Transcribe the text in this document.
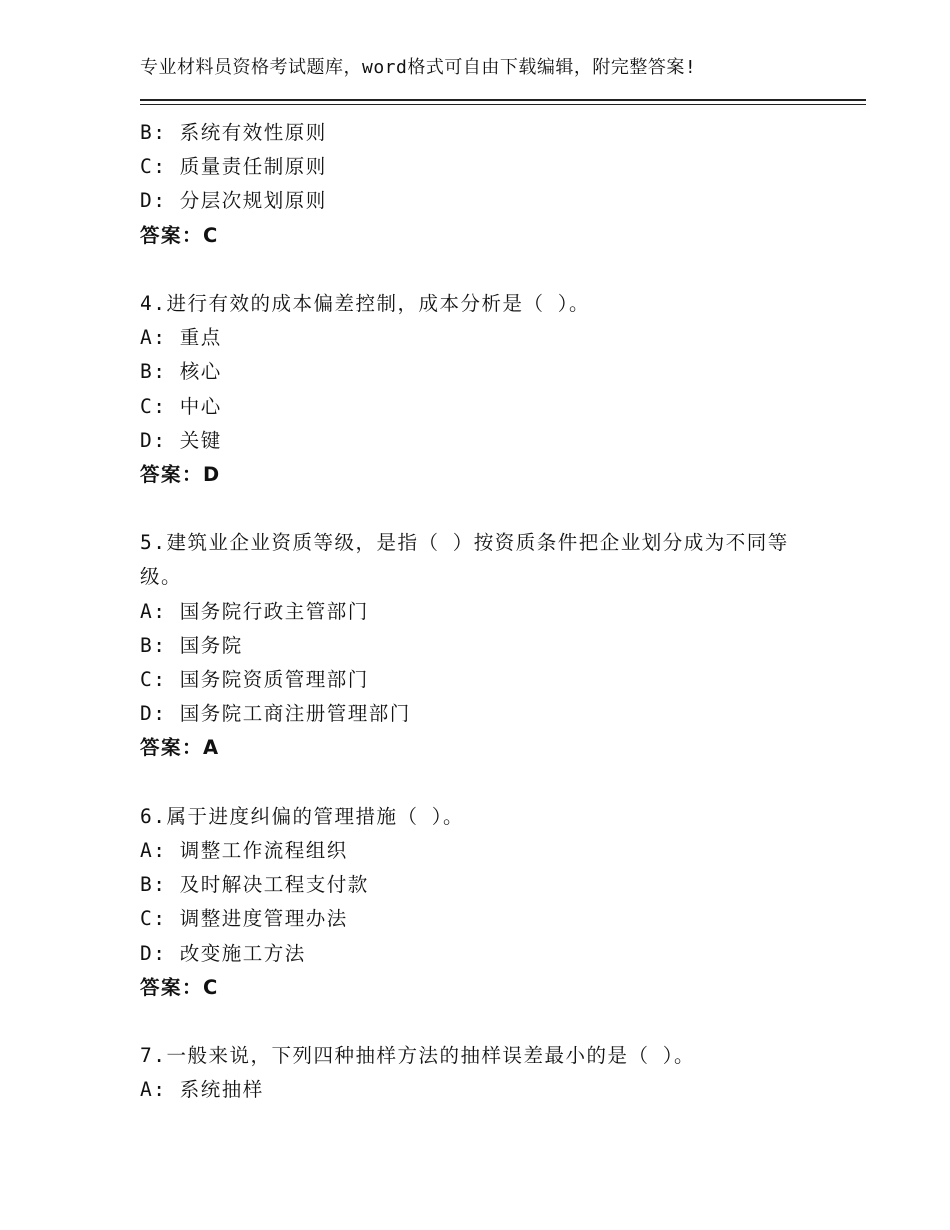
专业材料员资格考试题库，word格式可自由下载编辑，附完整答案!
B: 系统有效性原则
C: 质量责任制原则
D: 分层次规划原则
答案：C
4.进行有效的成本偏差控制，成本分析是（ ）。
A: 重点
B: 核心
C: 中心
D: 关键
答案：D
5.建筑业企业资质等级，是指（ ）按资质条件把企业划分成为不同等
级。
A: 国务院行政主管部门
B: 国务院
C: 国务院资质管理部门
D: 国务院工商注册管理部门
答案：A
6.属于进度纠偏的管理措施（ ）。
A: 调整工作流程组织
B: 及时解决工程支付款
C: 调整进度管理办法
D: 改变施工方法
答案：C
7.一般来说，下列四种抽样方法的抽样误差最小的是（ ）。
A: 系统抽样
